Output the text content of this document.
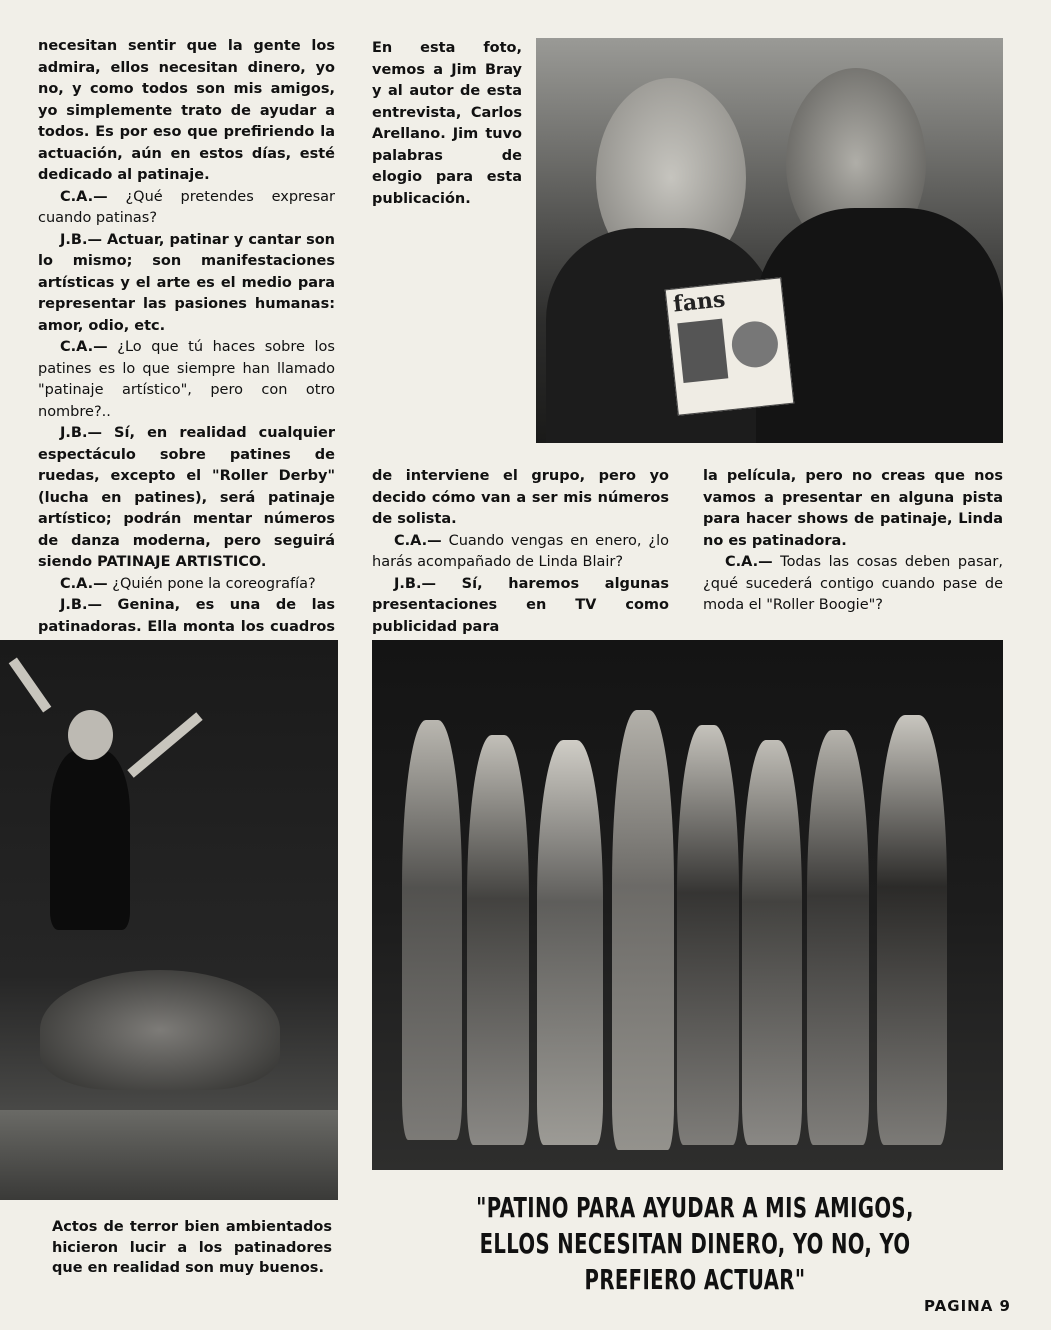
necesitan sentir que la gente los admira, ellos necesitan dinero, yo no, y como todos son mis amigos, yo simplemente trato de ayudar a todos. Es por eso que prefiriendo la actuación, aún en estos días, esté dedicado al patinaje.

C.A.— ¿Qué pretendes expresar cuando patinas?

J.B.— Actuar, patinar y cantar son lo mismo; son manifestaciones artísticas y el arte es el medio para representar las pasiones humanas: amor, odio, etc.

C.A.— ¿Lo que tú haces sobre los patines es lo que siempre han llamado "patinaje artístico", pero con otro nombre?..

J.B.— Sí, en realidad cualquier espectáculo sobre patines de ruedas, excepto el "Roller Derby" (lucha en patines), será patinaje artístico; podrán mentar números de danza moderna, pero seguirá siendo PATINAJE ARTISTICO.

C.A.— ¿Quién pone la coreografía?

J.B.— Genina, es una de las patinadoras. Ella monta los cuadros

En esta foto, vemos a Jim Bray y al autor de esta entrevista, Carlos Arellano. Jim tuvo palabras de elogio para esta publicación.
fans

de interviene el grupo, pero yo decido cómo van a ser mis números de solista.

C.A.— Cuando vengas en enero, ¿lo harás acompañado de Linda Blair?

J.B.— Sí, haremos algunas presentaciones en TV como publicidad para

la película, pero no creas que nos vamos a presentar en alguna pista para hacer shows de patinaje, Linda no es patinadora.

C.A.— Todas las cosas deben pasar, ¿qué sucederá contigo cuando pase de moda el "Roller Boogie"?

Actos de terror bien ambientados hicieron lucir a los patinadores que en realidad son muy buenos.
"PATINO PARA AYUDAR A MIS AMIGOS, ELLOS NECESITAN DINERO, YO NO, YO PREFIERO ACTUAR"
PAGINA 9
